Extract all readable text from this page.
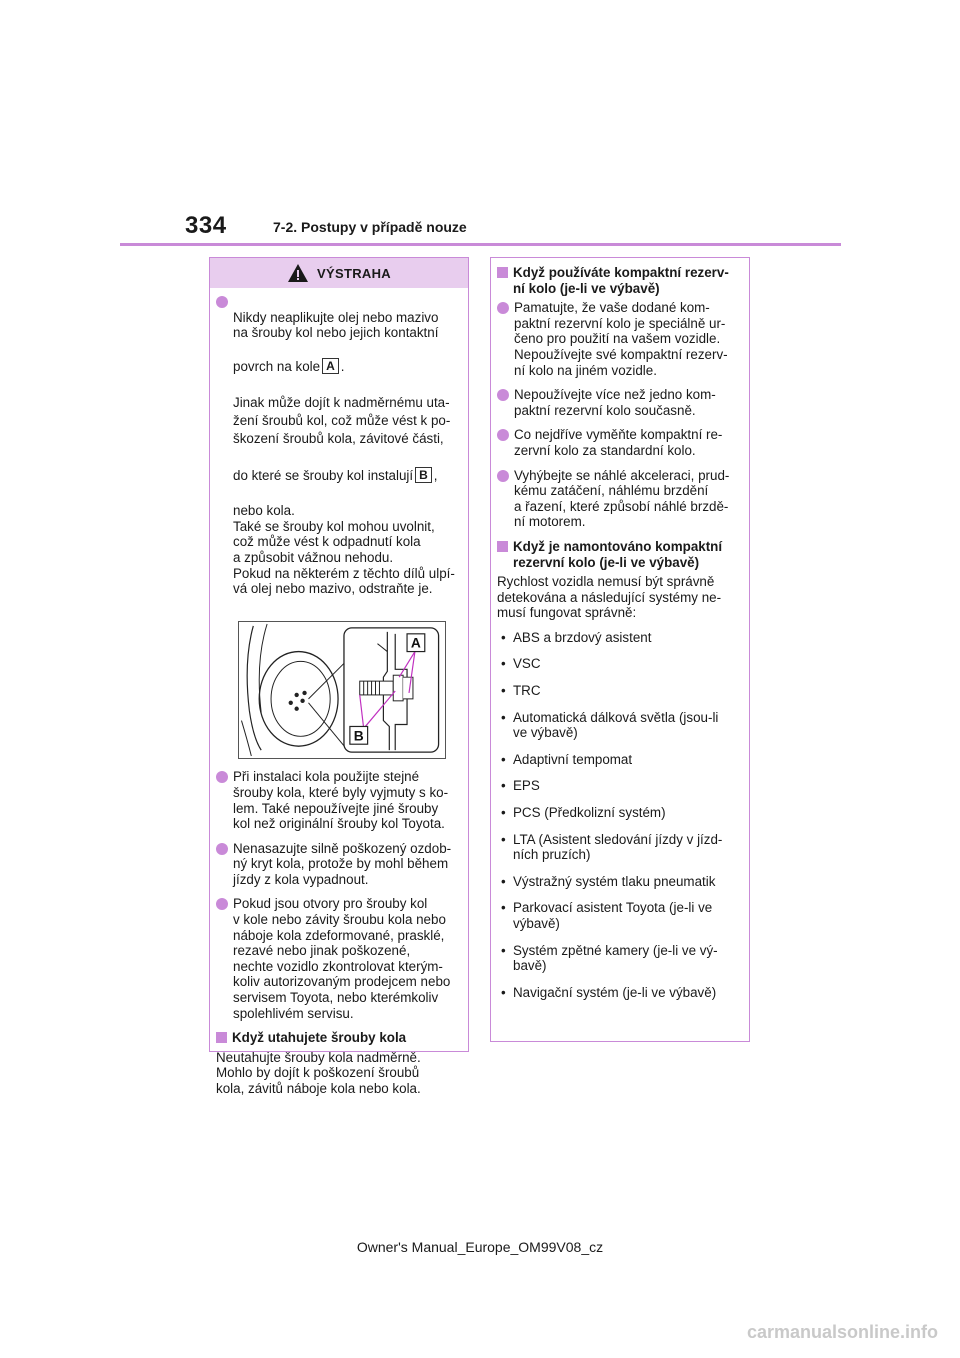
334	7-2. Postupy v případě nouze
VÝSTRAHA

Nikdy neaplikujte olej nebo mazivo
na šrouby kol nebo jejich kontaktní

povrch na kole A .

Jinak může dojít k nadměrnému uta-
žení šroubů kol, což může vést k po-
škození šroubů kola, závitové části,

do které se šrouby kol instalují B ,

nebo kola.
Také se šrouby kol mohou uvolnit,
což může vést k odpadnutí kola
a způsobit vážnou nehodu.
Pokud na některém z těchto dílů ulpí-
vá olej nebo mazivo, odstraňte je.

A
B
Při instalaci kola použijte stejné
šrouby kola, které byly vyjmuty s ko-
lem. Také nepoužívejte jiné šrouby
kol než originální šrouby kol Toyota.
Nenasazujte silně poškozený ozdob-
ný kryt kola, protože by mohl během
jízdy z kola vypadnout.
Pokud jsou otvory pro šrouby kol
v kole nebo závity šroubu kola nebo
náboje kola zdeformované, prasklé,
rezavé nebo jinak poškozené,
nechte vozidlo zkontrolovat kterým-
koliv autorizovaným prodejcem nebo
servisem Toyota, nebo kterémkoliv
spolehlivém servisu.
Když utahujete šrouby kola
Neutahujte šrouby kola nadměrně.
Mohlo by dojít k poškození šroubů
kola, závitů náboje kola nebo kola.
Když používáte kompaktní rezerv-
ní kolo (je-li ve výbavě)
Pamatujte, že vaše dodané kom-
paktní rezervní kolo je speciálně ur-
čeno pro použití na vašem vozidle.
Nepoužívejte své kompaktní rezerv-
ní kolo na jiném vozidle.
Nepoužívejte více než jedno kom-
paktní rezervní kolo současně.
Co nejdříve vyměňte kompaktní re-
zervní kolo za standardní kolo.
Vyhýbejte se náhlé akceleraci, prud-
kému zatáčení, náhlému brzdění
a řazení, které způsobí náhlé brzdě-
ní motorem.
Když je namontováno kompaktní
rezervní kolo (je-li ve výbavě)
Rychlost vozidla nemusí být správně
detekována a následující systémy ne-
musí fungovat správně:
• ABS a brzdový asistent
• VSC
• TRC
• Automatická dálková světla (jsou-li
ve výbavě)
• Adaptivní tempomat
• EPS
• PCS (Předkolizní systém)
• LTA (Asistent sledování jízdy v jízd-
ních pruzích)
• Výstražný systém tlaku pneumatik
• Parkovací asistent Toyota (je-li ve
výbavě)
• Systém zpětné kamery (je-li ve vý-
bavě)
• Navigační systém (je-li ve výbavě)
Owner's Manual_Europe_OM99V08_cz
carmanualsonline.info
